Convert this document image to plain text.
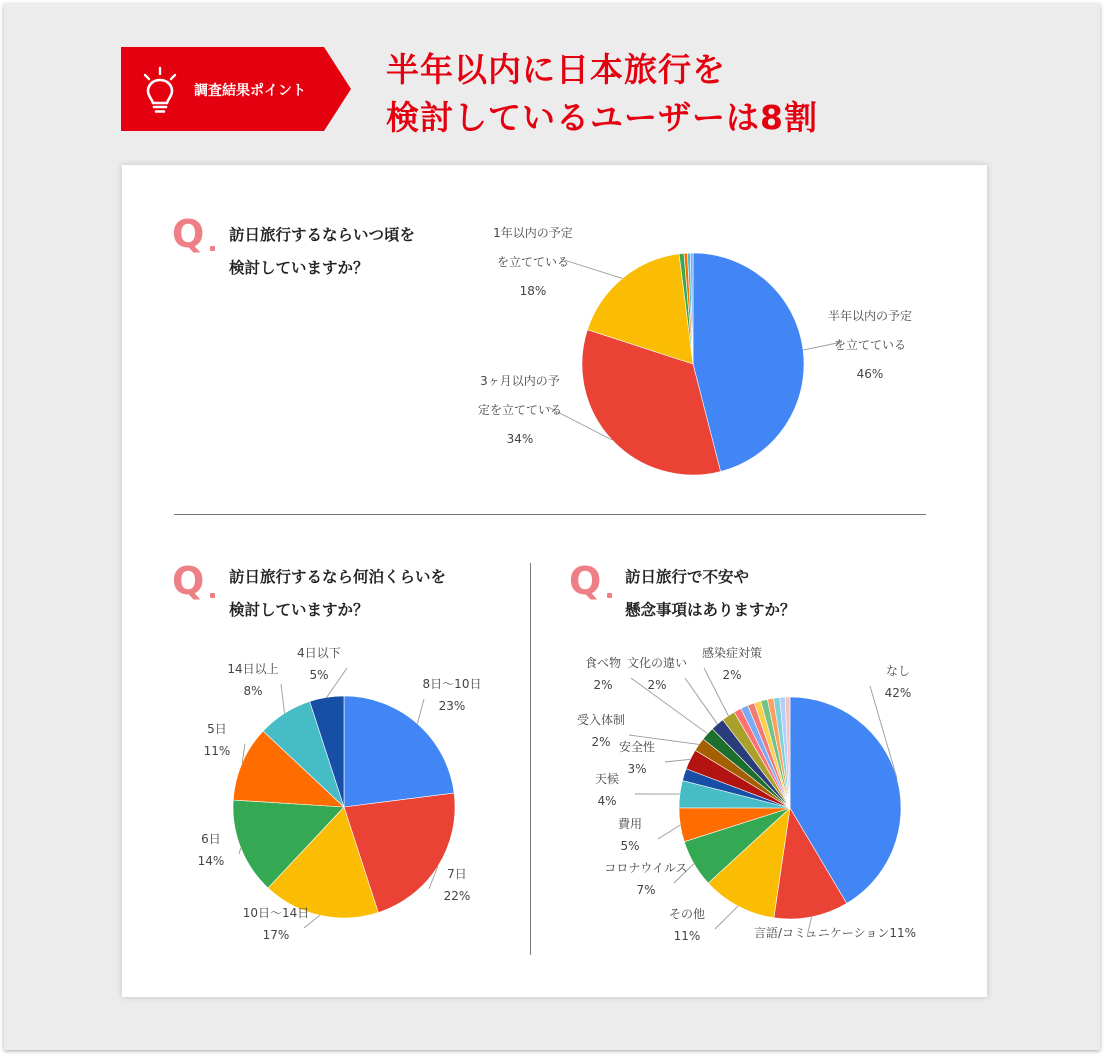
調査結果ポイント
半年以内に日本旅行を
検討しているユーザーは8割
Q 訪日旅行するならいつ頃を
検討していますか？
Q 訪日旅行するなら何泊くらいを
検討していますか？
Q 訪日旅行で不安や
懸念事項はありますか？
半年以内の予定
を立てている
46%
3ヶ月以内の予
定を立てている
34%
1年以内の予定
を立てている
18%
8日〜10日
23%
7日
22%
10日〜14日
17%
6日
14%
5日
11%
14日以上
8%
4日以下
5%	なし
42%
言語/コミュニケーション11%
その他
11%
コロナウイルス
7%
費用
5%
天候
4%
安全性
3%
受入体制
2%
食べ物
2%
文化の違い
2%
感染症対策
2%
